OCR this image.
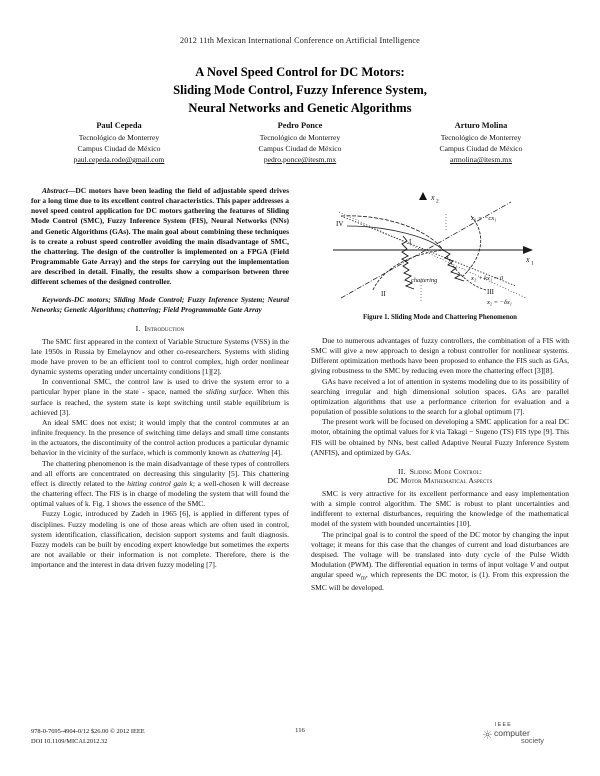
2012 11th Mexican International Conference on Artificial Intelligence
A Novel Speed Control for DC Motors:
Sliding Mode Control, Fuzzy Inference System,
Neural Networks and Genetic Algorithms
Paul Cepeda
Tecnológico de Monterrey
Campus Ciudad de México
paul.cepeda.rode@gmail.com
Pedro Ponce
Tecnológico de Monterrey
Campus Ciudad de México
pedro.ponce@itesm.mx
Arturo Molina
Tecnológico de Monterrey
Campus Ciudad de México
armolina@itesm.mx

Abstract—DC motors have been leading the field of adjustable speed drives for a long time due to its excellent control characteristics. This paper addresses a novel speed control application for DC motors gathering the features of Sliding Mode Control (SMC), Fuzzy Inference System (FIS), Neural Networks (NNs) and Genetic Algorithms (GAs). The main goal about combining these techniques is to create a robust speed controller avoiding the main disadvantage of SMC, the chattering. The design of the controller is implemented on a FPGA (Field Programmable Gate Array) and the steps for carrying out the implementation are described in detail. Finally, the results show a comparison between three different schemes of the designed controller.

Keywords-DC motors; Sliding Mode Control; Fuzzy Inference System; Neural Networks; Genetic Algorithms; chattering; Field Programmable Gate Array

I. Introduction

The SMC first appeared in the context of Variable Structure Systems (VSS) in the late 1950s in Russia by Emelaynov and other co-researchers. Systems with sliding mode have proven to be an efficient tool to control complex, high order nonlinear dynamic systems operating under uncertainty conditions [1][2].

In conventional SMC, the control law is used to drive the system error to a particular hyper plane in the state - space, named the sliding surface. When this surface is reached, the system state is kept switching until stable equilibrium is achieved [3].

An ideal SMC does not exist; it would imply that the control commutes at an infinite frequency. In the presence of switching time delays and small time constants in the actuators, the discontinuity of the control action produces a particular dynamic behavior in the vicinity of the surface, which is commonly known as chattering [4].

The chattering phenomenon is the main disadvantage of these types of controllers and all efforts are concentrated on decreasing this singularity [5]. This chattering effect is directly related to the hitting control gain k; a well-chosen k will decrease the chattering effect. The FIS is in charge of modeling the system that will found the optimal values of k. Fig. 1 shows the essence of the SMC.

Fuzzy Logic, introduced by Zadeh in 1965 [6], is applied in different types of disciplines. Fuzzy modeling is one of those areas which are often used in control, system identification, classification, decision support systems and fault diagnosis. Fuzzy models can be built by encoding expert knowledge but sometimes the experts are not available or their information is not complete. Therefore, there is the importance and the interest in data driven fuzzy modeling [7].

x 2
x 1
IV
II	III
I
chattering
x₂ = −cx₁
x₂ + kx₁ = 0
x₂ = −δx₁
Figure 1. Sliding Mode and Chattering Phenomenon

Due to numerous advantages of fuzzy controllers, the combination of a FIS with SMC will give a new approach to design a robust controller for nonlinear systems. Different optimization methods have been proposed to enhance the FIS such as GAs, giving robustness to the SMC by reducing even more the chattering effect [3][8].

GAs have received a lot of attention in systems modeling due to its possibility of searching irregular and high dimensional solution spaces. GAs are parallel optimization algorithms that use a performance criterion for evaluation and a population of possible solutions to the search for a global optimum [7].

The present work will be focused on developing a SMC application for a real DC motor, obtaining the optimal values for k via Takagi − Sugeno (TS) FIS type [9]. This FIS will be obtained by NNs, best called Adaptive Neural Fuzzy Inference System (ANFIS), and optimized by GAs.

II. Sliding Mode Control:
DC Motor Mathematical Aspects

SMC is very attractive for its excellent performance and easy implementation with a simple control algorithm. The SMC is robust to plant uncertainties and indifferent to external disturbances, requiring the knowledge of the mathematical model of the system with bounded uncertainties [10].

The principal goal is to control the speed of the DC motor by changing the input voltage; it means for this case that the changes of current and load disturbances are despised. The voltage will be translated into duty cycle of the Pulse Width Modulation (PWM). The differential equation in terms of input voltage V and output angular speed $w_m$, which represents the DC motor, is (1). From this expression the SMC will be developed.

978-0-7695-4904-0/12 $26.00 © 2012 IEEE
DOI 10.1109/MICAI.2012.32
116
IEEE
computer
society
